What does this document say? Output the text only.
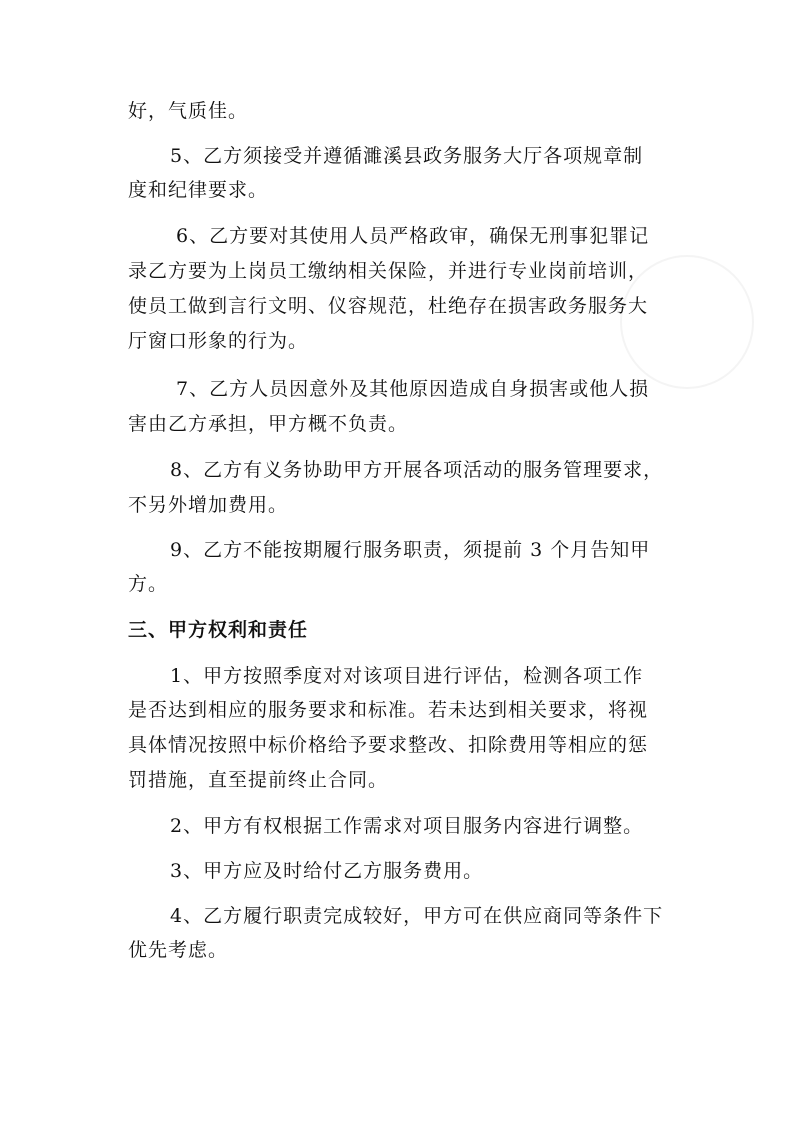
好，气质佳。
5、乙方须接受并遵循濉溪县政务服务大厅各项规章制
度和纪律要求。
6、乙方要对其使用人员严格政审，确保无刑事犯罪记
录乙方要为上岗员工缴纳相关保险，并进行专业岗前培训，
使员工做到言行文明、仪容规范，杜绝存在损害政务服务大
厅窗口形象的行为。
7、乙方人员因意外及其他原因造成自身损害或他人损
害由乙方承担，甲方概不负责。
8、乙方有义务协助甲方开展各项活动的服务管理要求，
不另外增加费用。
9、乙方不能按期履行服务职责，须提前 3 个月告知甲
方。
三、甲方权利和责任
1、甲方按照季度对对该项目进行评估，检测各项工作
是否达到相应的服务要求和标准。若未达到相关要求，将视
具体情况按照中标价格给予要求整改、扣除费用等相应的惩
罚措施，直至提前终止合同。
2、甲方有权根据工作需求对项目服务内容进行调整。
3、甲方应及时给付乙方服务费用。
4、乙方履行职责完成较好，甲方可在供应商同等条件下
优先考虑。
